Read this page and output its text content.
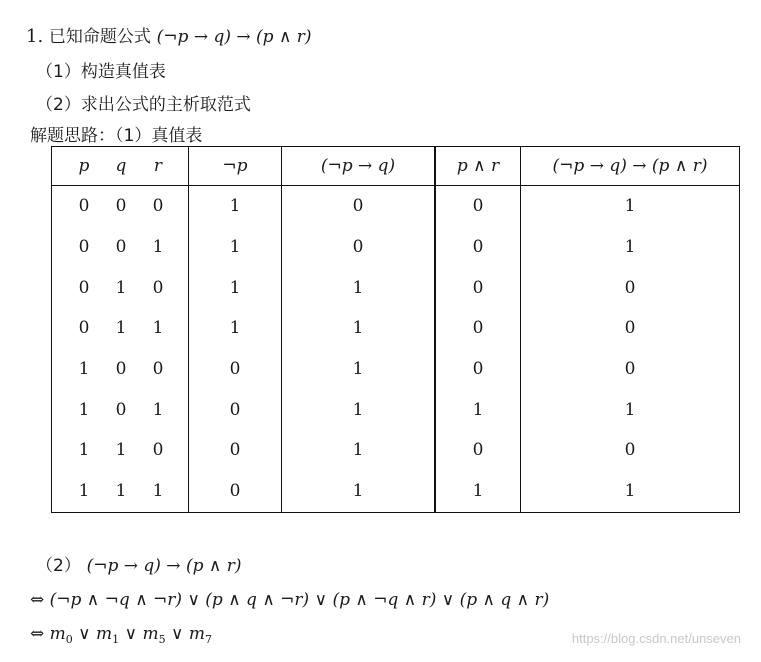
1. 已知命题公式 (¬p → q) → (p ∧ r)
（1）构造真值表
（2）求出公式的主析取范式
解题思路：（1）真值表
p q r	¬p	(¬p → q)	p ∧ r	(¬p → q) → (p ∧ r)

0 0 0	1	0	0	1

0 0 1	1	0	0	1

0 1 0	1	1	0	0

0 1 1	1	1	0	0

1 0 0	0	1	0	0

1 0 1	0	1	1	1

1 1 0	0	1	0	0

1 1 1	0	1	1	1
（2） (¬p → q) → (p ∧ r)
⇔ (¬p ∧ ¬q ∧ ¬r) ∨ (p ∧ q ∧ ¬r) ∨ (p ∧ ¬q ∧ r) ∨ (p ∧ q ∧ r)
⇔ $m_0$ ∨ $m_1$ ∨ $m_5$ ∨ $m_7$	https://blog.csdn.net/unseven
